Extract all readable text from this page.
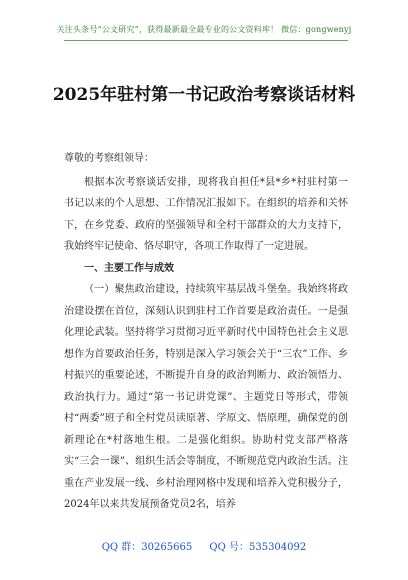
关注头条号“公文研究”，获得最新最全最专业的公文资料库！ 微信：gongwenyj
2025年驻村第一书记政治考察谈话材料

尊敬的考察组领导：

根据本次考察谈话安排，现将我自担任*县*乡*村驻村第一书记以来的个人思想、工作情况汇报如下。在组织的培养和关怀下，在乡党委、政府的坚强领导和全村干部群众的大力支持下，我始终牢记使命、恪尽职守，各项工作取得了一定进展。

一、主要工作与成效

（一）聚焦政治建设，持续筑牢基层战斗堡垒。我始终将政治建设摆在首位，深刻认识到驻村工作首要是政治责任。一是强化理论武装。坚持将学习贯彻习近平新时代中国特色社会主义思想作为首要政治任务，特别是深入学习领会关于“三农”工作、乡村振兴的重要论述，不断提升自身的政治判断力、政治领悟力、政治执行力。通过“第一书记讲党课”、主题党日等形式，带领村“两委”班子和全村党员读原著、学原文、悟原理，确保党的创新理论在*村落地生根。二是强化组织。协助村党支部严格落实“三会一课”、组织生活会等制度，不断规范党内政治生活。注重在产业发展一线、乡村治理网格中发现和培养入党积极分子，2024年以来共发展预备党员2名，培养

QQ 群：30265665 QQ 号：535304092
